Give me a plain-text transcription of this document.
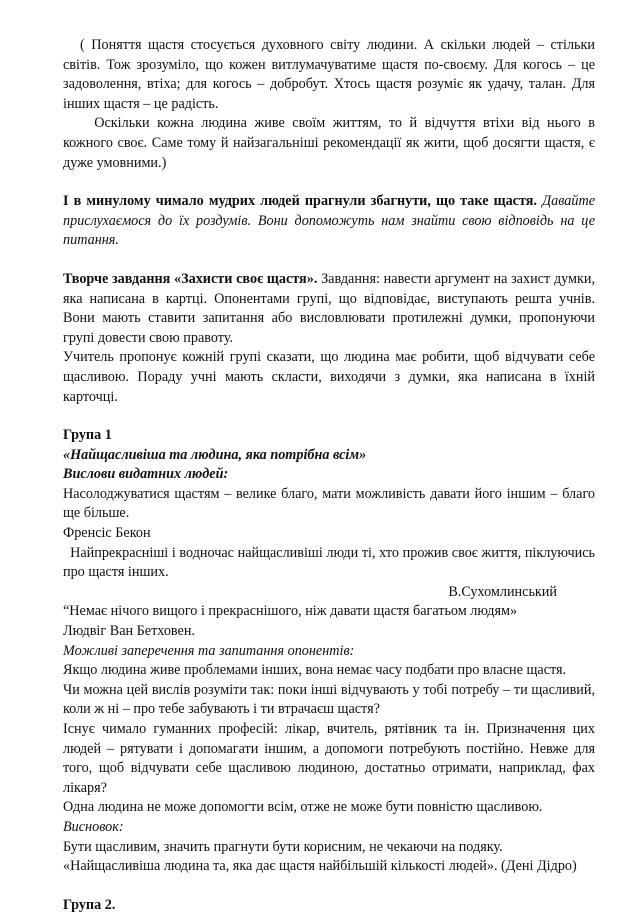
( Поняття щастя стосується духовного світу людини. А скільки людей – стільки світів. Тож зрозуміло, що кожен витлумачуватиме щастя по-своєму. Для когось – це задоволення, втіха; для когось – добробут. Хтось щастя розуміє як удачу, талан. Для інших щастя – це радість.

Оскільки кожна людина живе своїм життям, то й відчуття втіхи від нього в кожного своє. Саме тому й найзагальніші рекомендації як жити, щоб досягти щастя, є дуже умовними.)

І в минулому чимало мудрих людей прагнули збагнути, що таке щастя. Давайте прислухаємося до їх роздумів. Вони допоможуть нам знайти свою відповідь на це питання.

Творче завдання «Захисти своє щастя». Завдання: навести аргумент на захист думки, яка написана в картці. Опонентами групі, що відповідає, виступають решта учнів. Вони мають ставити запитання або висловлювати протилежні думки, пропонуючи групі довести свою правоту.

Учитель пропонує кожній групі сказати, що людина має робити, щоб відчувати себе щасливою. Пораду учні мають склaсти, виходячи з думки, яка написана в їхній карточці.

Група 1

«Найщасливіша та людина, яка потрібна всім»

Вислови видатних людей:

Насолоджуватися щастям – велике благо, мати можливість давати його іншим – благо ще більше.

Френсіс Бекон

Найпрекрасніші і водночас найщасливіші люди ті, хто прожив своє життя, піклуючись про щастя інших.

В.Сухомлинський

“Немає нічого вищого і прекраснішого, ніж давати щастя багатьом людям»

Людвіг Ван Бетховен.

Можливі заперечення та запитання опонентів:

Якщо людина живе проблемами інших, вона немає часу подбати про власне щастя.

Чи можна цей вислів розуміти так: поки інші відчувають у тобі потребу – ти щасливий, коли ж ні – про тебе забувають і ти втрачаєш щастя?

Існує чимало гуманних професій: лікар, вчитель, рятівник та ін. Призначення цих людей – рятувати і допомагати іншим, а допомоги потребують постійно. Невже для того, щоб відчувати себе щасливою людиною, достатньо отримати, наприклад, фах лікаря?

Одна людина не може допомогти всім, отже не може бути повністю щасливою.

Висновок:

Бути щасливим, значить прагнути бути корисним, не чекаючи на подяку.

«Найщасливіша людина та, яка дає щастя найбільшій кількості людей». (Дені Дідро)

Група 2.
